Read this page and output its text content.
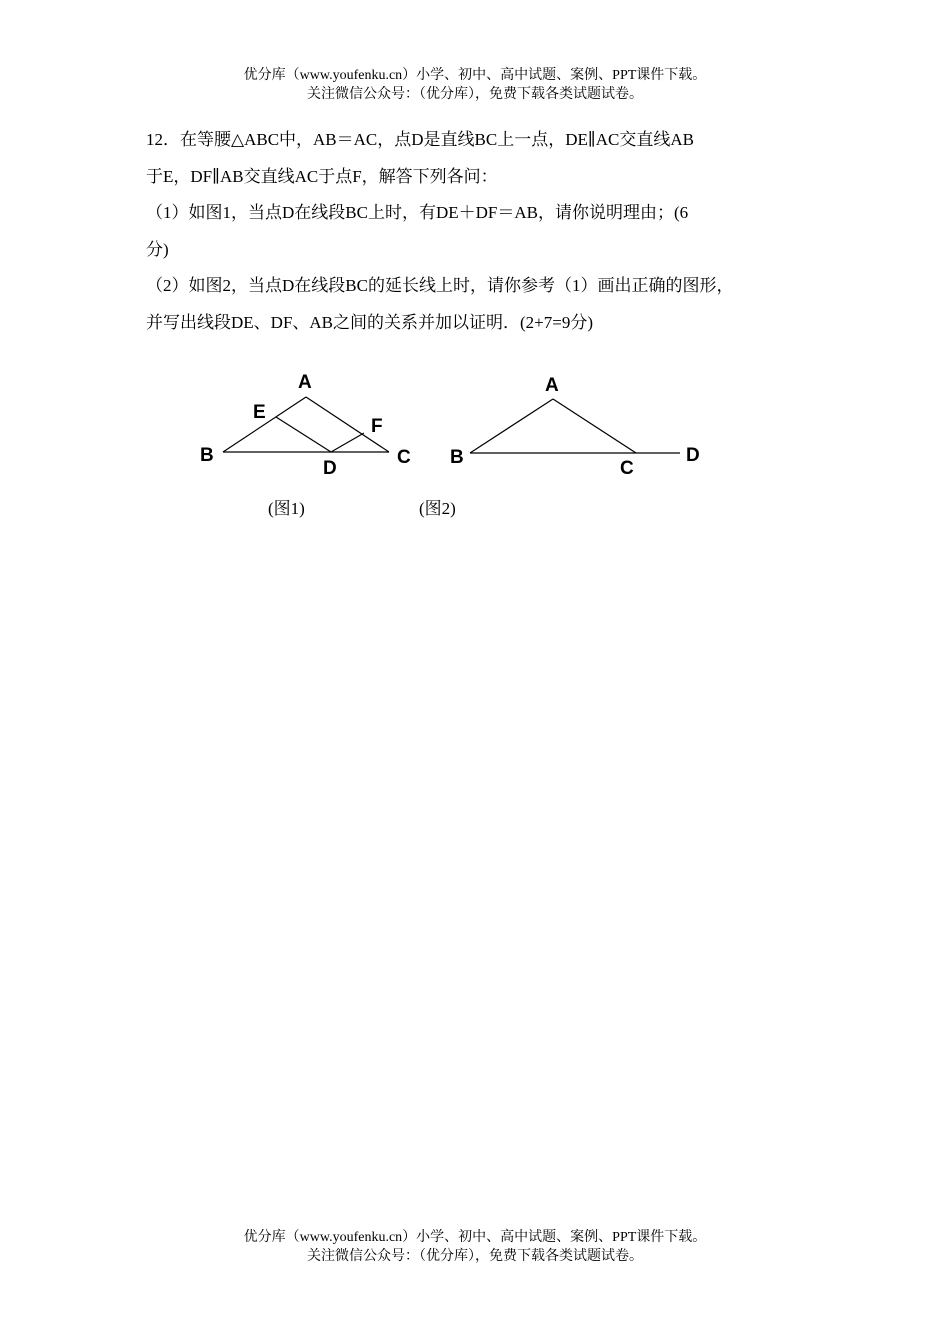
优分库（www.youfenku.cn）小学、初中、高中试题、案例、PPT课件下载。
关注微信公众号：（优分库），免费下载各类试题试卷。

12．在等腰△ABC中，AB＝AC，点D是直线BC上一点，DE∥AC交直线AB

于E，DF∥AB交直线AC于点F，解答下列各问：

（1）如图1，当点D在线段BC上时，有DE＋DF＝AB，请你说明理由；(6

分)

（2）如图2，当点D在线段BC的延长线上时，请你参考（1）画出正确的图形，

并写出线段DE、DF、AB之间的关系并加以证明．(2+7=9分)

A
E
F
B	C
D
A
B
C
D
(图1)	(图2)
优分库（www.youfenku.cn）小学、初中、高中试题、案例、PPT课件下载。
关注微信公众号：（优分库），免费下载各类试题试卷。
